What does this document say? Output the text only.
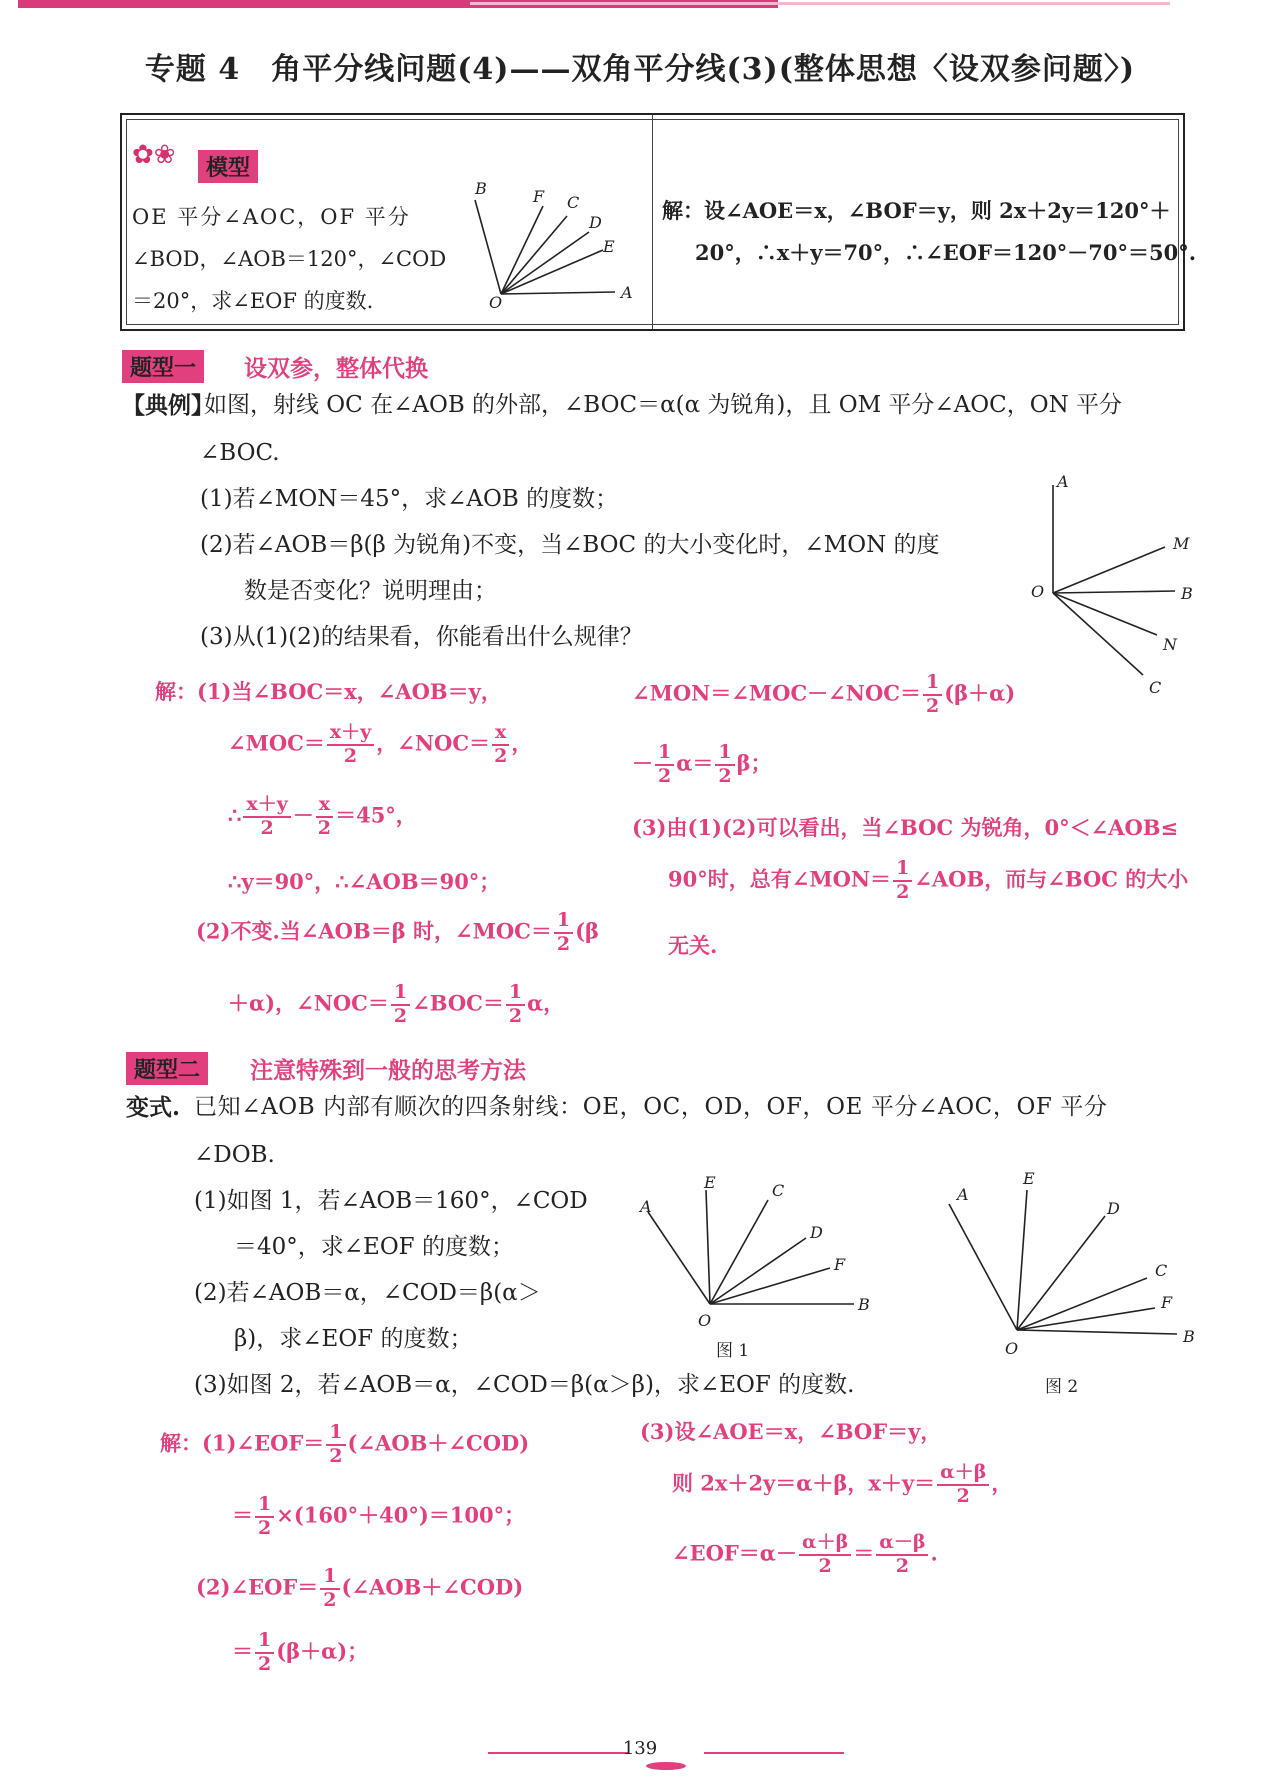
专题 4　角平分线问题(4)——双角平分线(3)(整体思想〈设双参问题〉)
✿❀	模型
OE 平分∠AOC，OF 平分
∠BOD，∠AOB＝120°，∠COD
＝20°，求∠EOF 的度数.
B	F C
D
E
O
A
解：设∠AOE＝x，∠BOF＝y，则 2x＋2y＝120°＋
20°，∴x＋y＝70°，∴∠EOF＝120°－70°＝50°.
题型一	设双参，整体代换
【典例】
如图，射线 OC 在∠AOB 的外部，∠BOC＝α(α 为锐角)，且 OM 平分∠AOC，ON 平分
∠BOC.
(1)若∠MON＝45°，求∠AOB 的度数；
(2)若∠AOB＝β(β 为锐角)不变，当∠BOC 的大小变化时，∠MON 的度
数是否变化？说明理由；
(3)从(1)(2)的结果看，你能看出什么规律？
A
M
O	B
N
C
解：(1)当∠BOC＝x，∠AOB＝y，
∠MOC＝ $\frac{x+y}{2}$ ，∠NOC＝ $\frac{x}{2}$ ，
∴ $\frac{x+y}{2} - \frac{x}{2} =45^\circ$，
∴y＝90°，∴∠AOB＝90°；
(2)不变.当∠AOB＝β 时，∠MOC＝ $\frac{1}{2} (\beta$
＋α)，∠NOC＝ $\frac{1}{2}$ ∠BOC＝ $\frac{1}{2}$ α，
∠MON＝∠MOC－∠NOC＝ $\frac{1}{2} (\beta+\alpha)$
－ $\frac{1}{2} \alpha= \frac{1}{2}$ β；
(3)由(1)(2)可以看出，当∠BOC 为锐角，0°＜∠AOB≤
90°时，总有∠MON＝ $\frac{1}{2}$ ∠AOB，而与∠BOC 的大小
无关.
题型二	注意特殊到一般的思考方法
变式. 已知∠AOB 内部有顺次的四条射线：OE，OC，OD，OF，OE 平分∠AOC，OF 平分
∠DOB.
(1)如图 1，若∠AOB＝160°，∠COD
＝40°，求∠EOF 的度数；
(2)若∠AOB＝α，∠COD＝β(α＞
β)，求∠EOF 的度数；
(3)如图 2，若∠AOB＝α，∠COD＝β(α＞β)，求∠EOF 的度数.
A
E	C
D
F
B
O
图 1
A
E
D
C
F
B
O
图 2
解：(1)∠EOF＝ $\frac{1}{2}$ (∠AOB＋∠COD)
＝ $\frac{1}{2} \times(160^\circ+40^\circ)=100^\circ$；
(2)∠EOF＝ $\frac{1}{2}$ (∠AOB＋∠COD)
＝ $\frac{1}{2} (\beta+\alpha)$；
(3)设∠AOE＝x，∠BOF＝y，
则 2x＋2y＝α＋β，$x+y= \frac{\alpha+\beta}{2}$ ，
∠EOF＝α－ $\frac{\alpha+\beta}{2} = \frac{\alpha-\beta}{2}$ .
139
